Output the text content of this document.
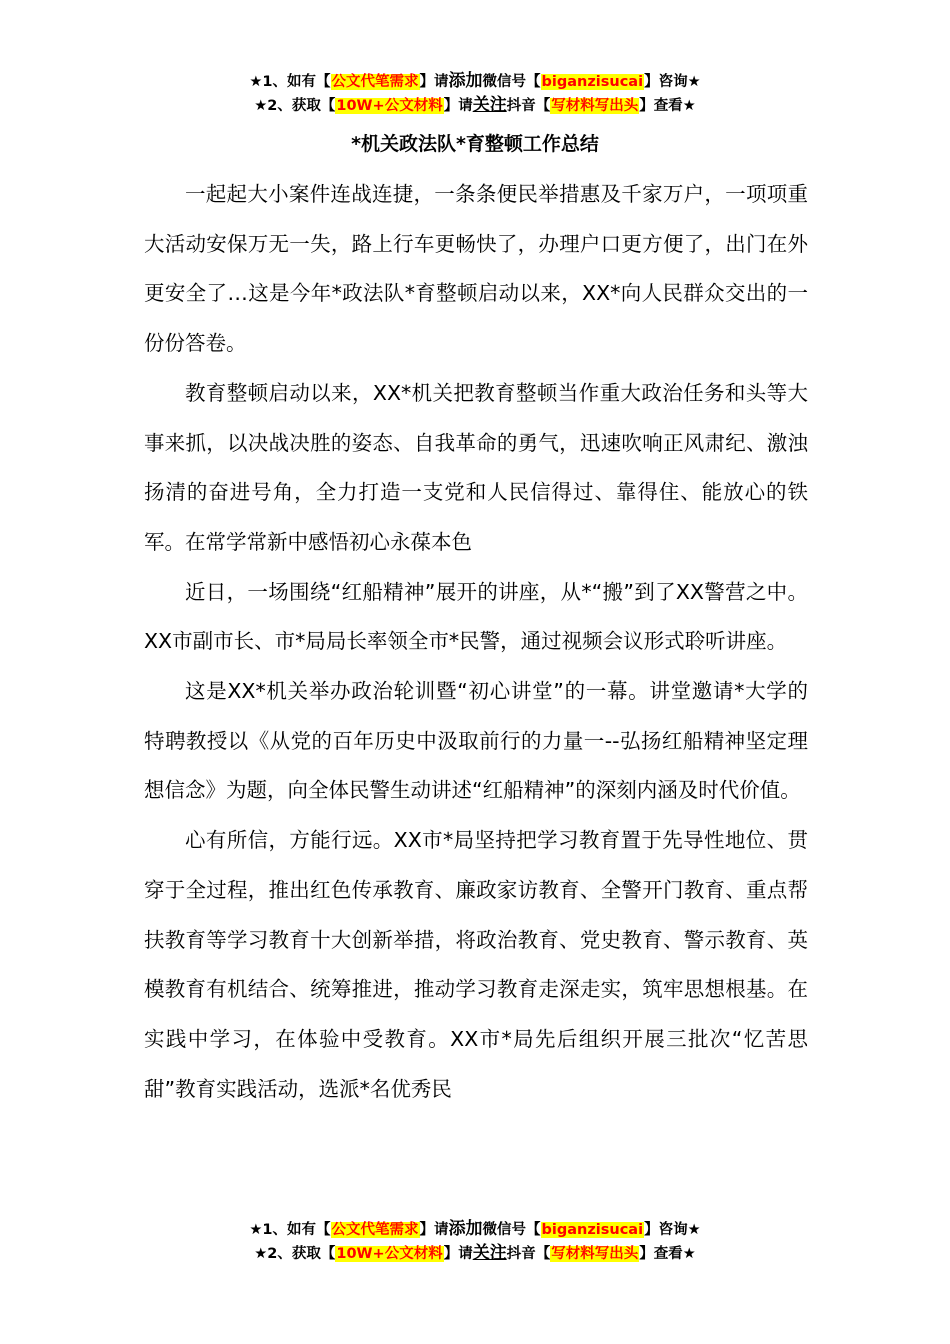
★1、如有【公文代笔需求】请添加微信号【biganzisucai】咨询★
★2、获取【10W+公文材料】请关注抖音【写材料写出头】查看★
*机关政法队*育整顿工作总结

一起起大小案件连战连捷，一条条便民举措惠及千家万户，一项项重大活动安保万无一失，路上行车更畅快了，办理户口更方便了，出门在外更安全了…这是今年*政法队*育整顿启动以来，XX*向人民群众交出的一份份答卷。

教育整顿启动以来，XX*机关把教育整顿当作重大政治任务和头等大事来抓，以决战决胜的姿态、自我革命的勇气，迅速吹响正风肃纪、激浊扬清的奋进号角，全力打造一支党和人民信得过、靠得住、能放心的铁军。在常学常新中感悟初心永葆本色

近日，一场围绕“红船精神”展开的讲座，从*“搬”到了XX警营之中。XX市副市长、市*局局长率领全市*民警，通过视频会议形式聆听讲座。

这是XX*机关举办政治轮训暨“初心讲堂”的一幕。讲堂邀请*大学的特聘教授以《从党的百年历史中汲取前行的力量一--弘扬红船精神坚定理想信念》为题，向全体民警生动讲述“红船精神”的深刻内涵及时代价值。

心有所信，方能行远。XX市*局坚持把学习教育置于先导性地位、贯穿于全过程，推出红色传承教育、廉政家访教育、全警开门教育、重点帮扶教育等学习教育十大创新举措，将政治教育、党史教育、警示教育、英模教育有机结合、统筹推进，推动学习教育走深走实，筑牢思想根基。在实践中学习，在体验中受教育。XX市*局先后组织开展三批次“忆苦思甜”教育实践活动，选派*名优秀民

★1、如有【公文代笔需求】请添加微信号【biganzisucai】咨询★
★2、获取【10W+公文材料】请关注抖音【写材料写出头】查看★
